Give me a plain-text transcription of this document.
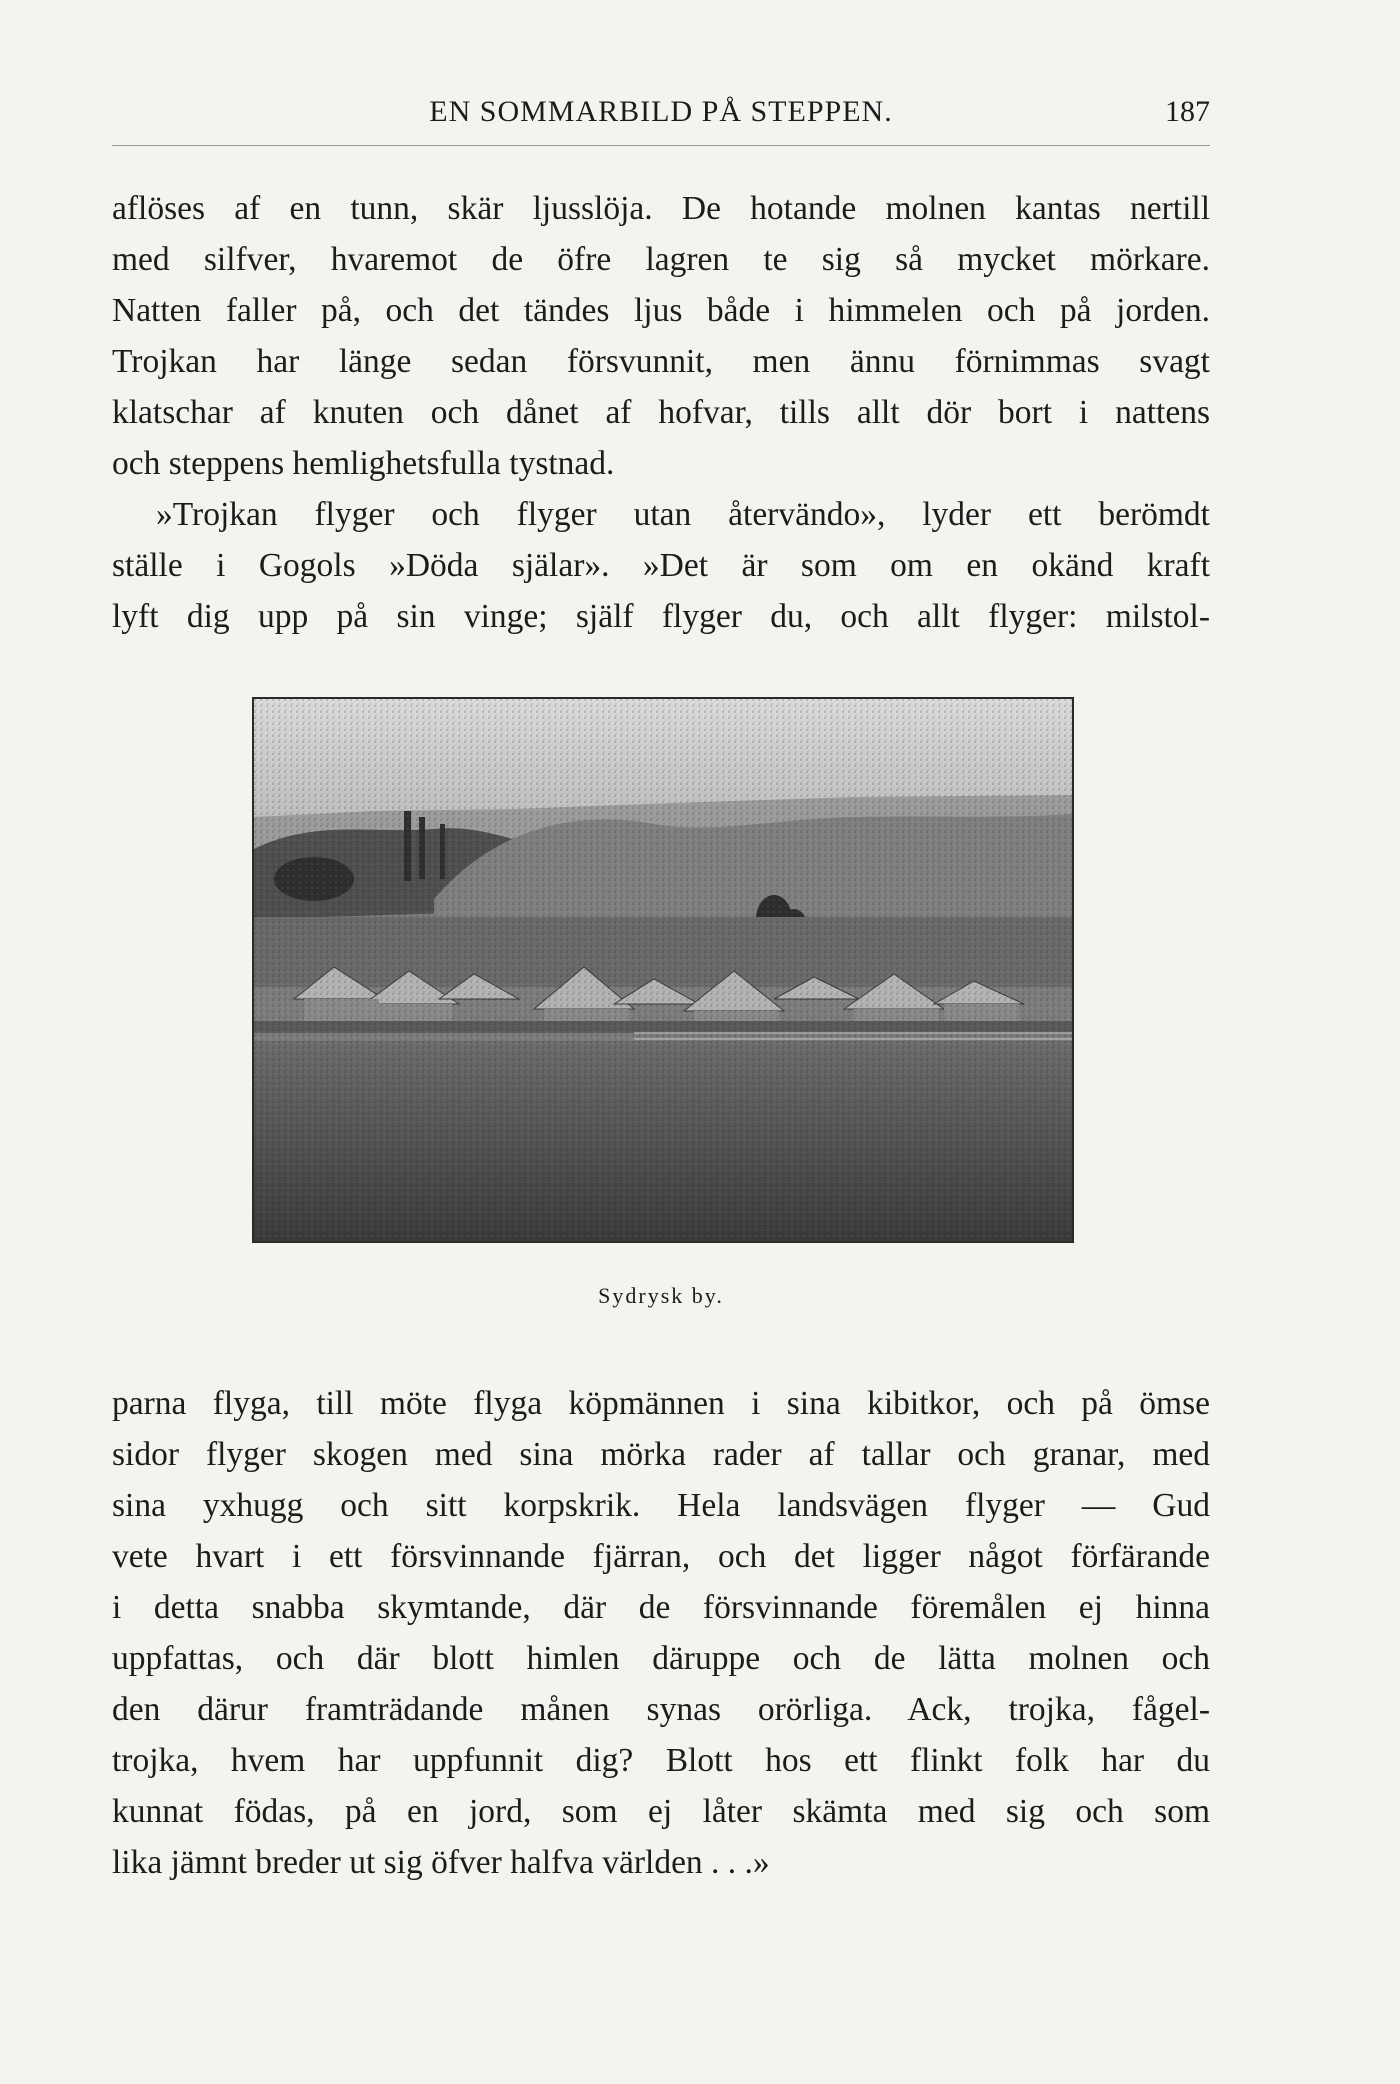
EN SOMMARBILD PÅ STEPPEN.	187
aflöses af en tunn, skär ljusslöja. De hotande molnen kantas nertill
med silfver, hvaremot de öfre lagren te sig så mycket mörkare.
Natten faller på, och det tändes ljus både i himmelen och på jorden.
Trojkan har länge sedan försvunnit, men ännu förnimmas svagt
klatschar af knuten och dånet af hofvar, tills allt dör bort i nattens
och steppens hemlighetsfulla tystnad.
»Trojkan flyger och flyger utan återvändo», lyder ett berömdt
ställe i Gogols »Döda själar». »Det är som om en okänd kraft
lyft dig upp på sin vinge; själf flyger du, och allt flyger: milstol-
Sydrysk by.
parna flyga, till möte flyga köpmännen i sina kibitkor, och på ömse
sidor flyger skogen med sina mörka rader af tallar och granar, med
sina yxhugg och sitt korpskrik. Hela landsvägen flyger — Gud
vete hvart i ett försvinnande fjärran, och det ligger något förfärande
i detta snabba skymtande, där de försvinnande föremålen ej hinna
uppfattas, och där blott himlen däruppe och de lätta molnen och
den därur framträdande månen synas orörliga. Ack, trojka, fågel-
trojka, hvem har uppfunnit dig? Blott hos ett flinkt folk har du
kunnat födas, på en jord, som ej låter skämta med sig och som
lika jämnt breder ut sig öfver halfva världen . . .»
